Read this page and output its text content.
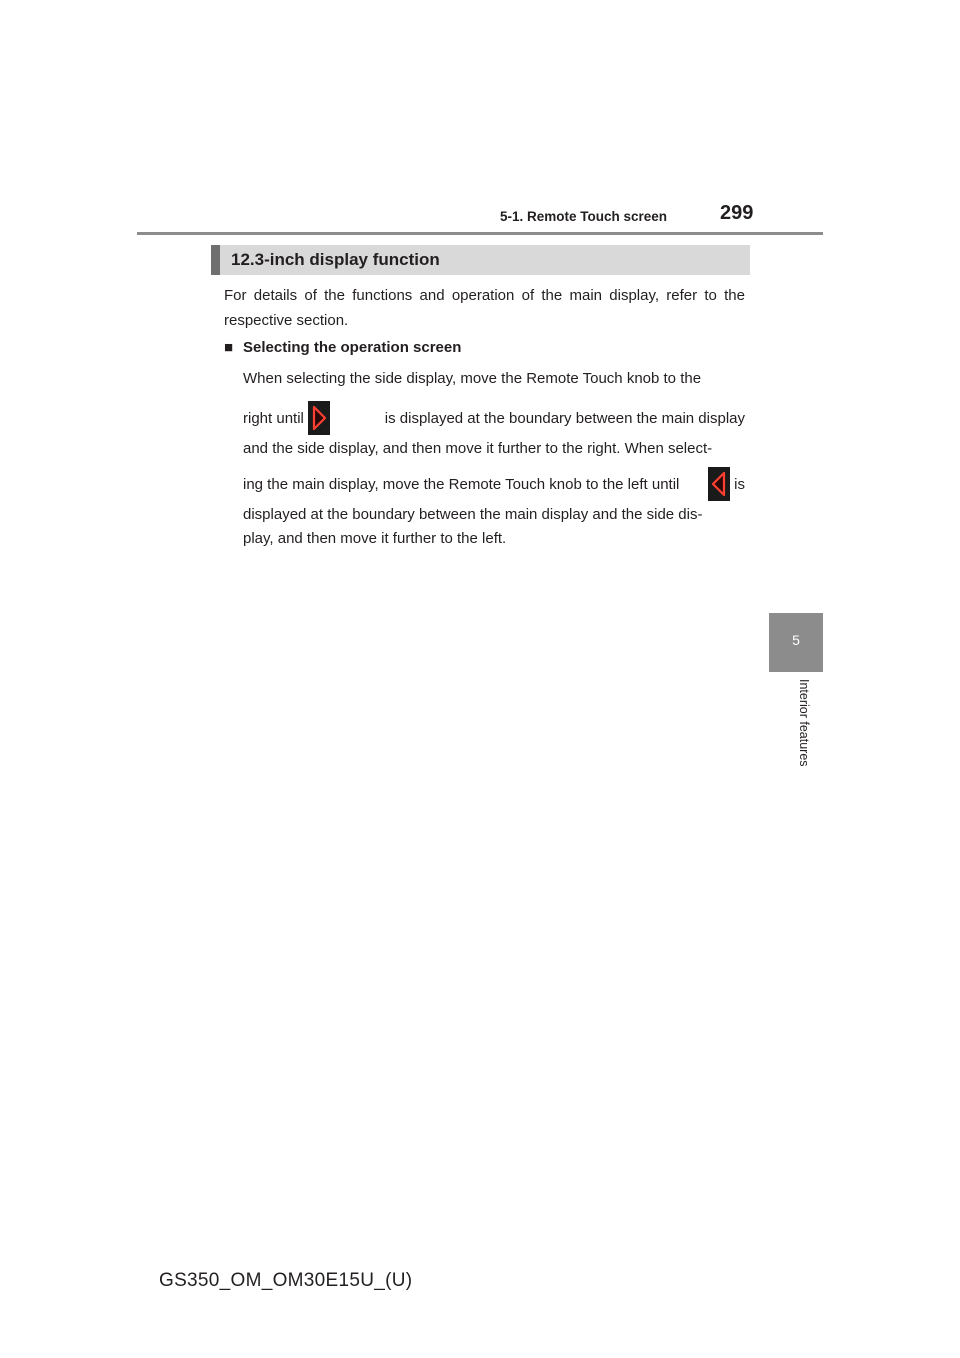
5-1. Remote Touch screen	299
5
Interior features
12.3-inch display function
For details of the functions and operation of the main display, refer to the respective section.
■ Selecting the operation screen
When selecting the side display, move the Remote Touch knob to the
right until	is displayed at the boundary between the main display
and the side display, and then move it further to the right. When select-
ing the main display, move the Remote Touch knob to the left until	is
displayed at the boundary between the main display and the side dis-
play, and then move it further to the left.
GS350_OM_OM30E15U_(U)
